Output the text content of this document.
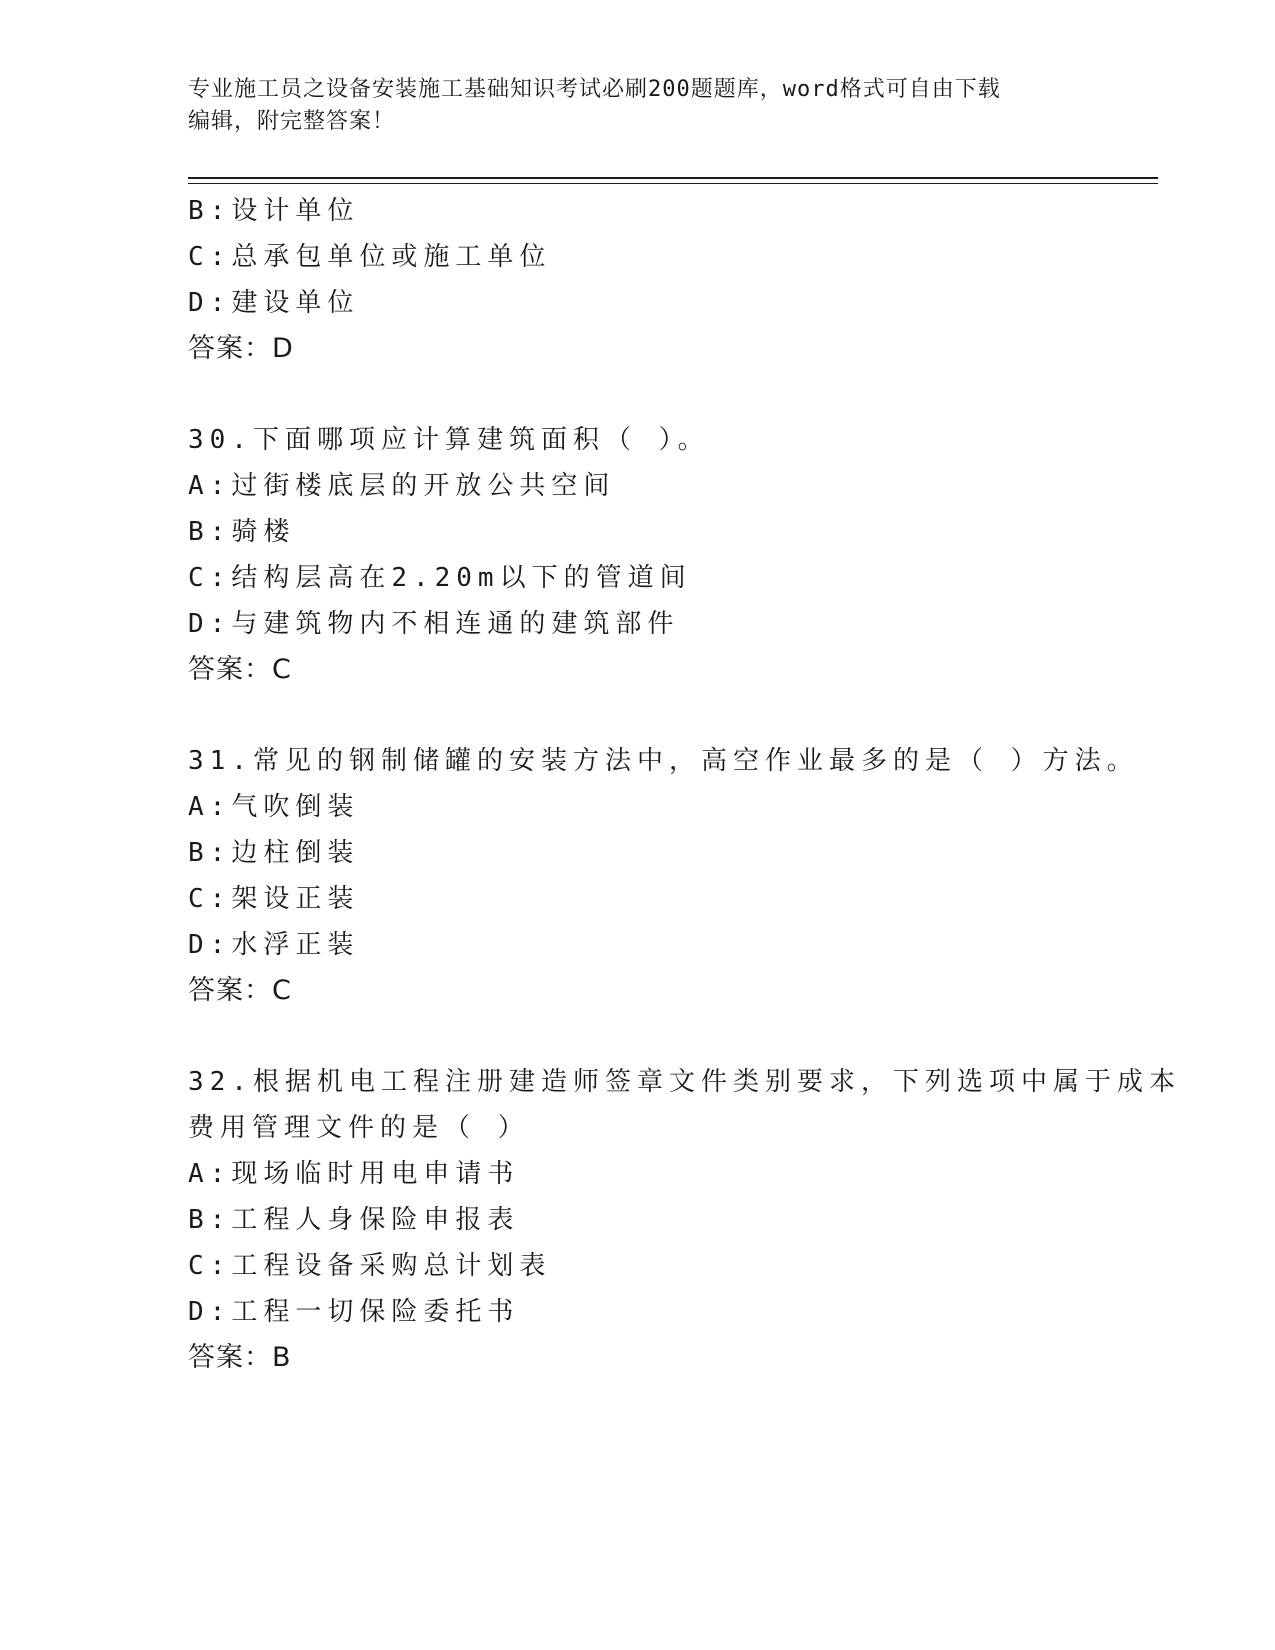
专业施工员之设备安装施工基础知识考试必刷200题题库，word格式可自由下载
编辑，附完整答案！
B:设计单位
C:总承包单位或施工单位
D:建设单位
答案：D
30.下面哪项应计算建筑面积（ ）。
A:过街楼底层的开放公共空间
B:骑楼
C:结构层高在2.20m以下的管道间
D:与建筑物内不相连通的建筑部件
答案：C
31.常见的钢制储罐的安装方法中，高空作业最多的是（ ）方法。
A:气吹倒装
B:边柱倒装
C:架设正装
D:水浮正装
答案：C
32.根据机电工程注册建造师签章文件类别要求，下列选项中属于成本
费用管理文件的是（ ）
A:现场临时用电申请书
B:工程人身保险申报表
C:工程设备采购总计划表
D:工程一切保险委托书
答案：B
